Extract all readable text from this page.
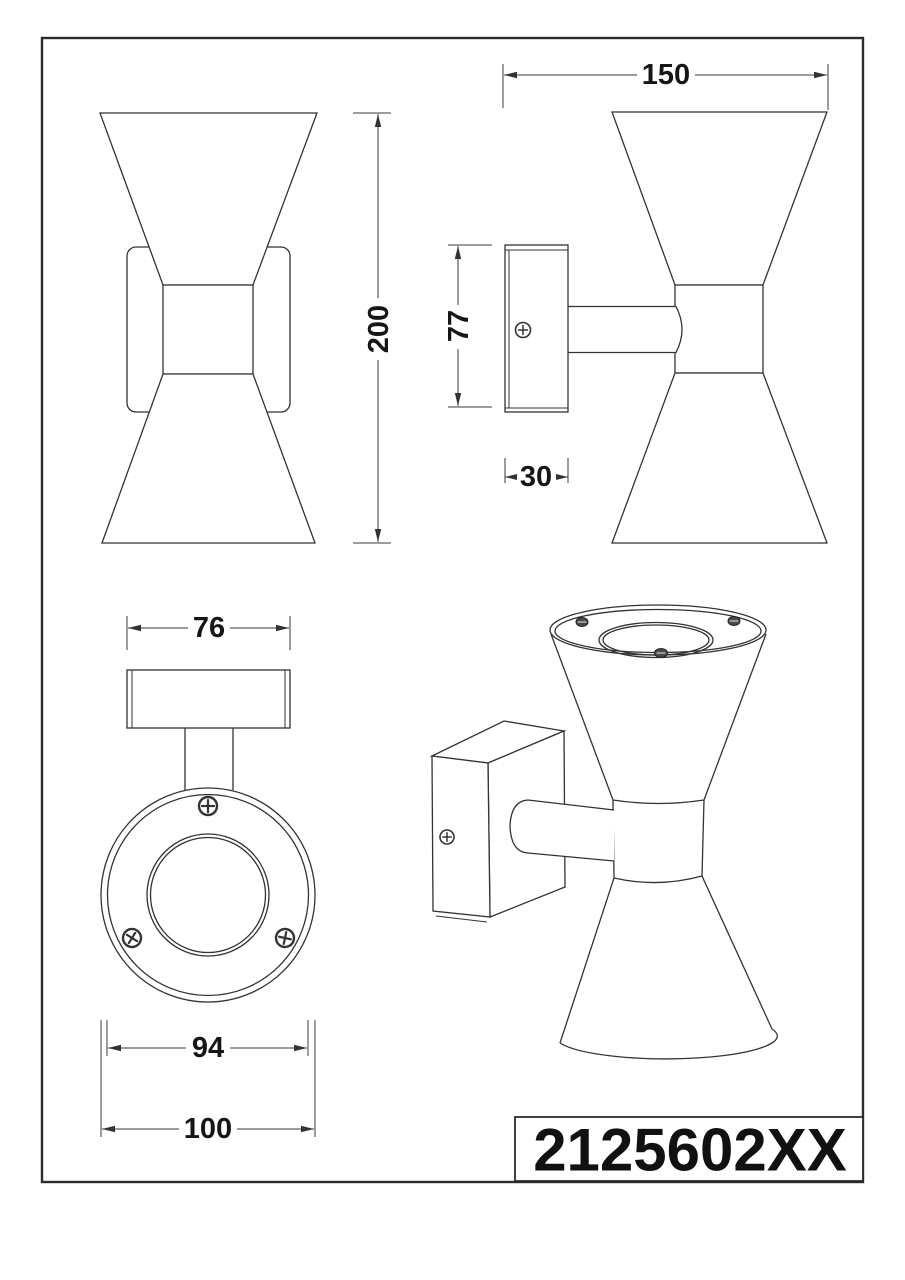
200
150
77
30
76
94
100	2125602XX
